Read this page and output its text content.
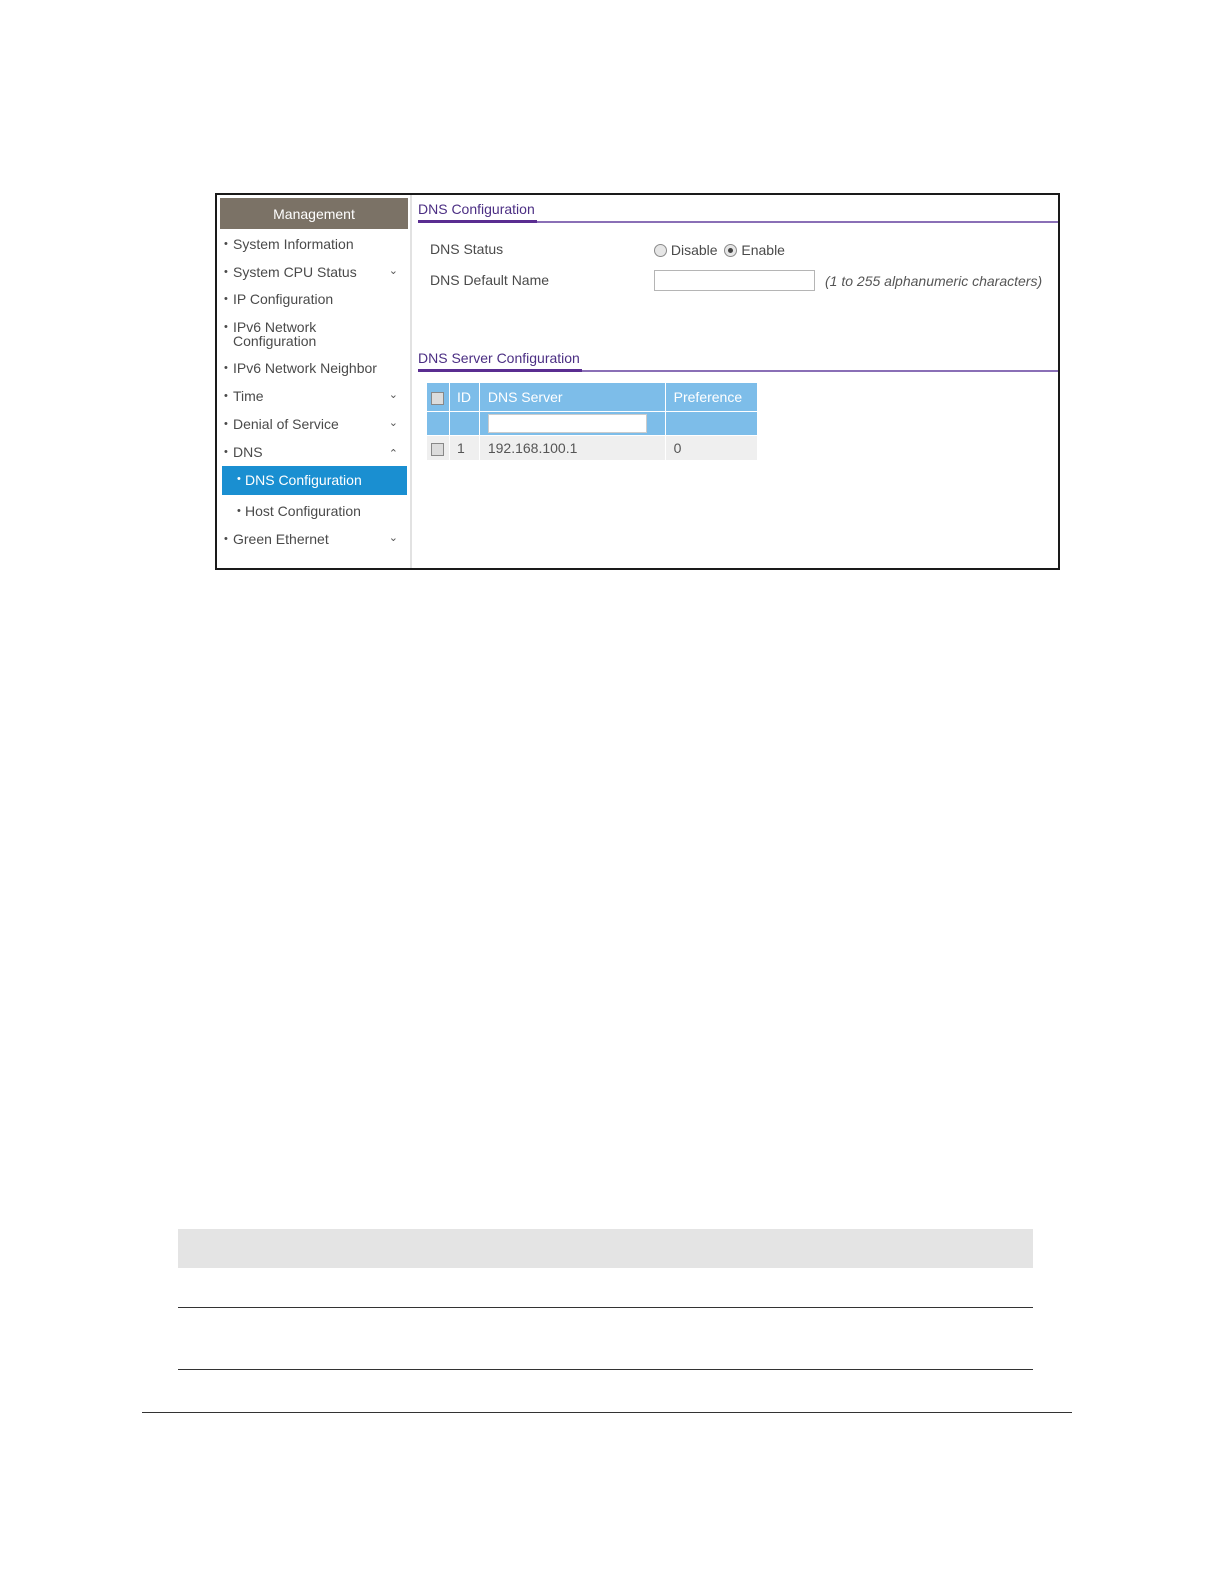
Management
• System Information
• System CPU Status	⌄
• IP Configuration
• IPv6 Network
Configuration
• IPv6 Network Neighbor
• Time	⌄
• Denial of Service	⌄
• DNS	⌃
• DNS Configuration
• Host Configuration
• Green Ethernet	⌄
DNS Configuration
DNS Status	Disable Enable
DNS Default Name	(1 to 255 alphanumeric characters)
DNS Server Configuration
	ID	DNS Server	Preference

	1	192.168.100.1	0
